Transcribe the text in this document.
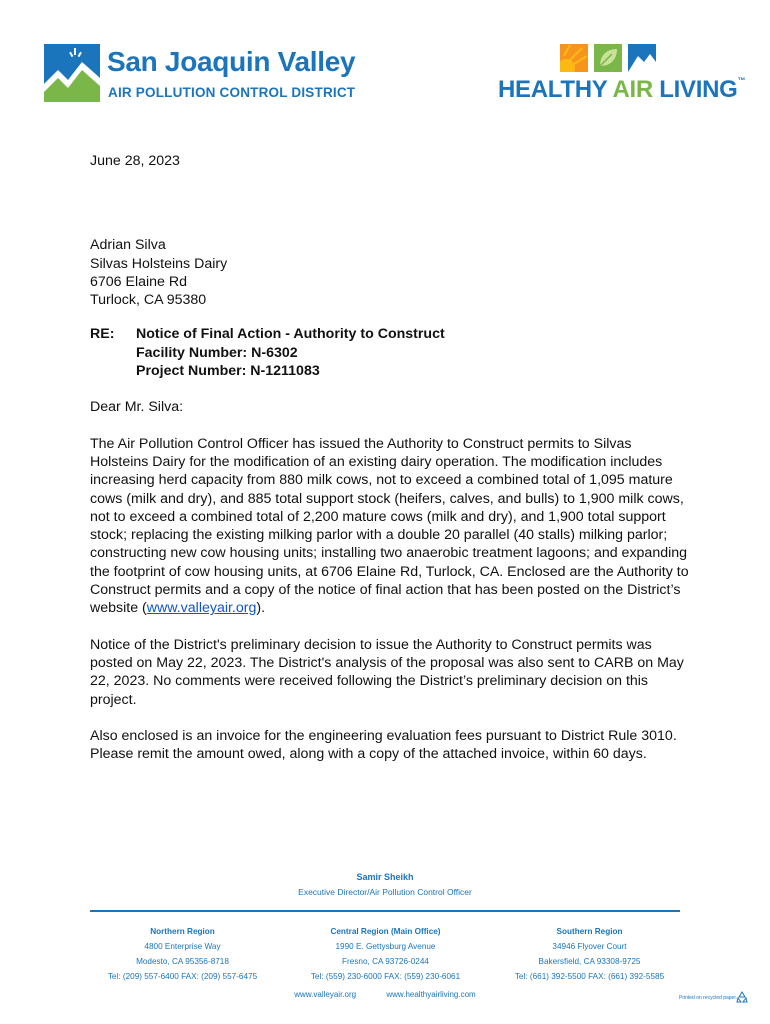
San Joaquin Valley
AIR POLLUTION CONTROL DISTRICT	HEALTHY AIR LIVING™

June 28, 2023

Adrian Silva
Silvas Holsteins Dairy
6706 Elaine Rd
Turlock, CA 95380
RE:	Notice of Final Action - Authority to Construct
Facility Number: N-6302
Project Number: N-1211083

Dear Mr. Silva:

The Air Pollution Control Officer has issued the Authority to Construct permits to Silvas Holsteins Dairy for the modification of an existing dairy operation. The modification includes increasing herd capacity from 880 milk cows, not to exceed a combined total of 1,095 mature cows (milk and dry), and 885 total support stock (heifers, calves, and bulls) to 1,900 milk cows, not to exceed a combined total of 2,200 mature cows (milk and dry), and 1,900 total support stock; replacing the existing milking parlor with a double 20 parallel (40 stalls) milking parlor; constructing new cow housing units; installing two anaerobic treatment lagoons; and expanding the footprint of cow housing units, at 6706 Elaine Rd, Turlock, CA. Enclosed are the Authority to Construct permits and a copy of the notice of final action that has been posted on the District’s website (www.valleyair.org).

Notice of the District's preliminary decision to issue the Authority to Construct permits was posted on May 22, 2023. The District's analysis of the proposal was also sent to CARB on May 22, 2023. No comments were received following the District’s preliminary decision on this project.

Also enclosed is an invoice for the engineering evaluation fees pursuant to District Rule 3010. Please remit the amount owed, along with a copy of the attached invoice, within 60 days.

Samir Sheikh
Executive Director/Air Pollution Control Officer
Northern Region
4800 Enterprise Way
Modesto, CA 95356-8718
Tel: (209) 557-6400 FAX: (209) 557-6475
Central Region (Main Office)
1990 E. Gettysburg Avenue
Fresno, CA 93726-0244
Tel: (559) 230-6000 FAX: (559) 230-6061
Southern Region
34946 Flyover Court
Bakersfield, CA 93308-9725
Tel: (661) 392-5500 FAX: (661) 392-5585
www.valleyair.org	www.healthyairliving.com	Printed on recycled paper.
